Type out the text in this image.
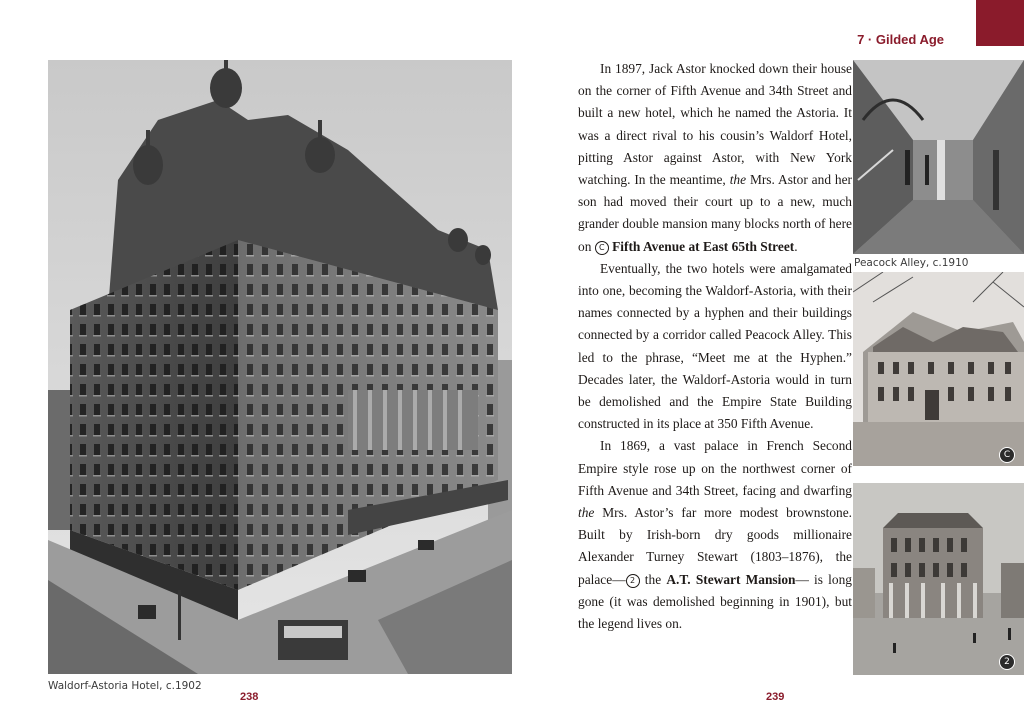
Waldorf-Astoria Hotel, c.1902
238
7 · Gilded Age

In 1897, Jack Astor knocked down their house on the corner of Fifth Avenue and 34th Street and built a new hotel, which he named the Astoria. It was a direct rival to his cousin’s Waldorf Hotel, pitting Astor against Astor, with New York watching. In the meantime, the Mrs. Astor and her son had moved their court up to a new, much grander double mansion many blocks north of here on C Fifth Avenue at East 65th Street.

Eventually, the two hotels were amalgamated into one, becoming the Waldorf-Astoria, with their names connected by a hyphen and their buildings connected by a corridor called Peacock Alley. This led to the phrase, “Meet me at the Hyphen.” Decades later, the Waldorf-Astoria would in turn be demolished and the Empire State Building constructed in its place at 350 Fifth Avenue.

In 1869, a vast palace in French Second Empire style rose up on the northwest corner of Fifth Avenue and 34th Street, facing and dwarfing the Mrs. Astor’s far more modest brownstone. Built by Irish-born dry goods millionaire Alexander Turney Stewart (1803–1876), the palace— 2 the A.T. Stewart Mansion— is long gone (it was demolished beginning in 1901), but the legend lives on.

Peacock Alley, c.1910
C
2
239
